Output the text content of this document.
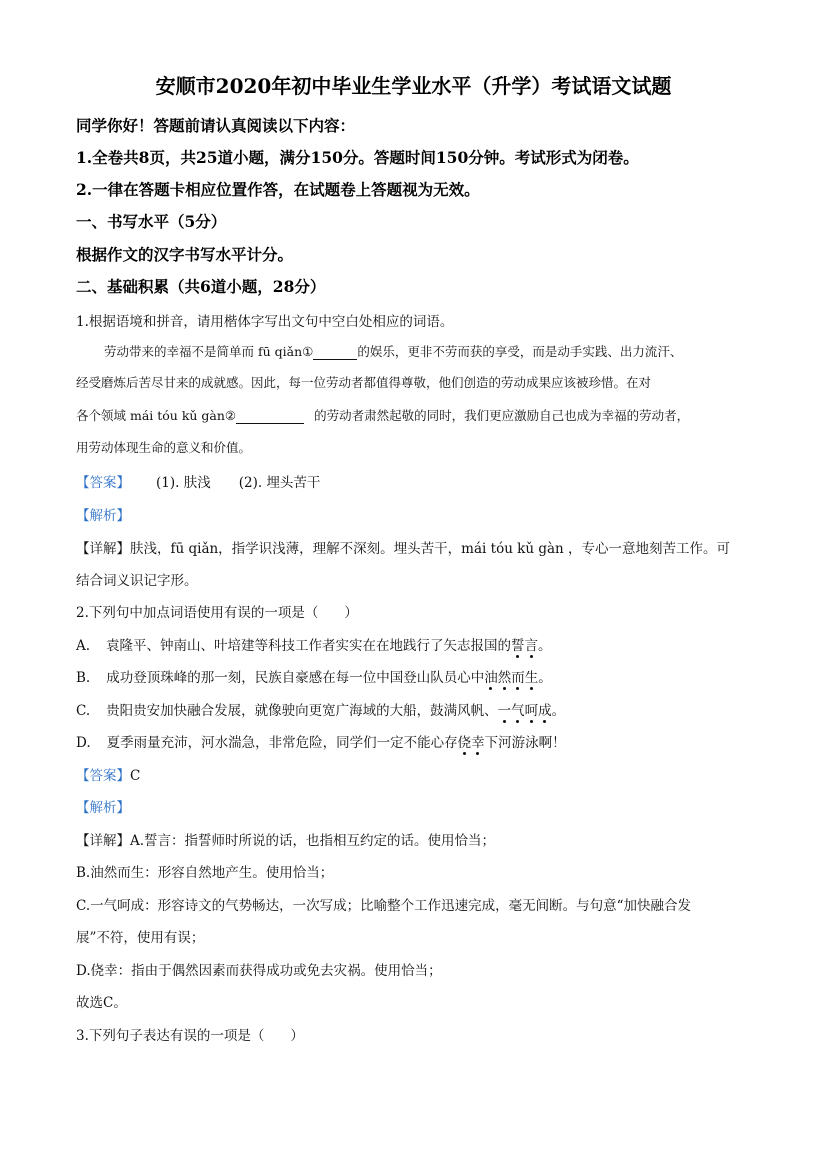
安顺市2020年初中毕业生学业水平（升学）考试语文试题
同学你好！答题前请认真阅读以下内容：
1.全卷共8页，共25道小题，满分150分。答题时间150分钟。考试形式为闭卷。
2.一律在答题卡相应位置作答，在试题卷上答题视为无效。
一、书写水平（5分）
根据作文的汉字书写水平计分。
二、基础积累（共6道小题，28分）
1.根据语境和拼音，请用楷体字写出文句中空白处相应的词语。
劳动带来的幸福不是简单而 fū qiǎn①	的娱乐，更非不劳而获的享受，而是动手实践、出力流汗、
经受磨炼后苦尽甘来的成就感。因此，每一位劳动者都值得尊敬，他们创造的劳动成果应该被珍惜。在对
各个领域 mái tóu kǔ gàn②	的劳动者肃然起敬的同时，我们更应激励自己也成为幸福的劳动者，
用劳动体现生命的意义和价值。
【答案】 (1). 肤浅 (2). 埋头苦干
【解析】
【详解】肤浅，fū qiǎn，指学识浅薄，理解不深刻。埋头苦干，mái tóu kǔ gàn ，专心一意地刻苦工作。可
结合词义识记字形。
2.下列句中加点词语使用有误的一项是（ ）
A. 袁隆平、钟南山、叶培建等科技工作者实实在在地践行了矢志报国的誓言。
B. 成功登顶珠峰的那一刻，民族自豪感在每一位中国登山队员心中油然而生。
C. 贵阳贵安加快融合发展，就像驶向更宽广海域的大船，鼓满风帆、一气呵成。
D. 夏季雨量充沛，河水湍急，非常危险，同学们一定不能心存侥幸下河游泳啊！
【答案】C
【解析】
【详解】A.誓言：指誓师时所说的话，也指相互约定的话。使用恰当；
B.油然而生：形容自然地产生。使用恰当；
C.一气呵成：形容诗文的气势畅达，一次写成；比喻整个工作迅速完成，毫无间断。与句意“加快融合发
展”不符，使用有误；
D.侥幸：指由于偶然因素而获得成功或免去灾祸。使用恰当；
故选C。
3.下列句子表达有误的一项是（ ）
